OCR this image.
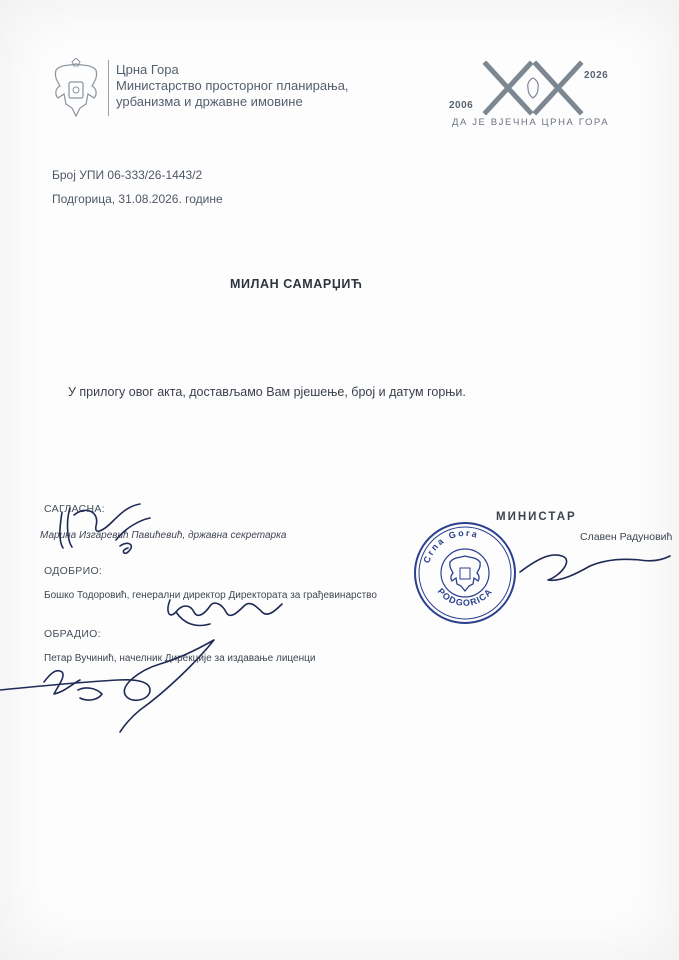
Црна Гора
Министарство просторног планирања,
урбанизма и државне имовине	2006
2026
ДА ЈЕ ВЈЕЧНА ЦРНА ГОРА
Број УПИ 06-333/26-1443/2
Подгорица, 31.08.2026. године
МИЛАН САМАРЏИЋ
У прилогу овог акта, достављамо Вам рјешење, број и датум горњи.
САГЛАСНА:
Марина Изгаревић Павићевић, државна секретарка
ОДОБРИО:
Бошко Тодоровић, генерални директор Директората за грађевинарство
ОБРАДИО:
Петар Вучинић, начелник Дирекције за издавање лиценци
МИНИСТАР
Славен Радуновић
Crna Gora
PODGORICA
